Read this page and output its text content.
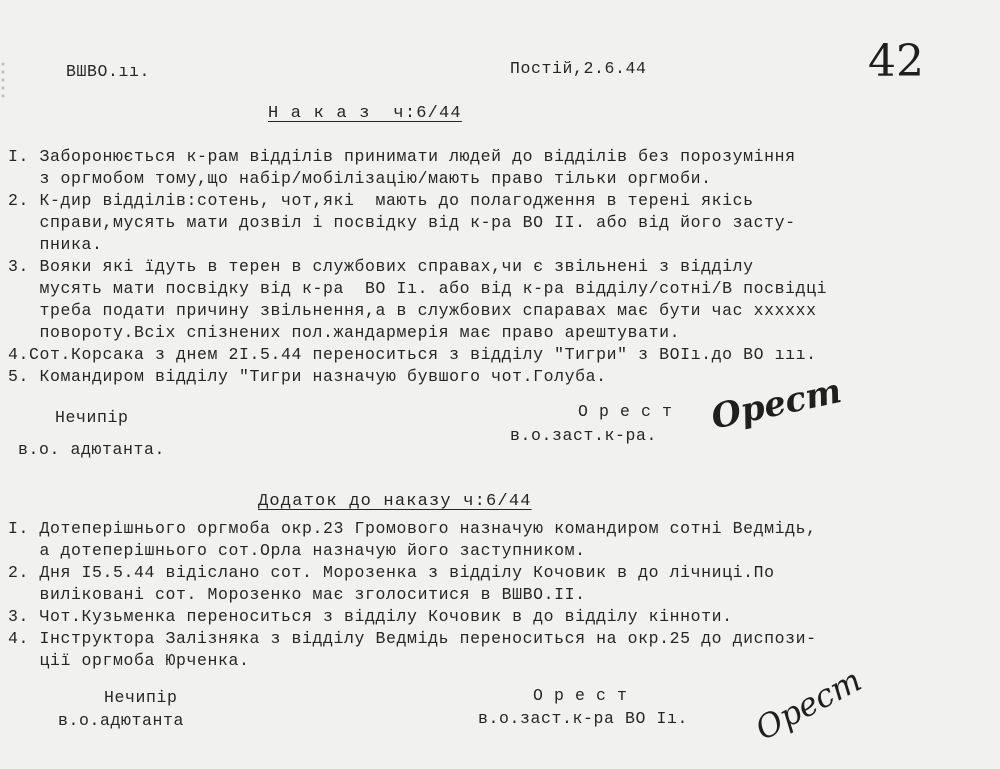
ВШВО.ıı.	Постій,2.6.44	42
Н а к а з  ч:6/44
I. Заборонюється к-рам відділів принимати людей до відділів без порозуміння
з оргмобом тому,що набір/мобілізацію/мають право тільки оргмоби.
2. К-дир відділів:сотень, чот,які  мають до полагодження в терені якісь
справи,мусять мати дозвіл і посвідку від к-ра ВО ІІ. або від його засту-
пника.
3. Вояки які їдуть в терен в службових справах,чи є звільнені з відділу
мусять мати посвідку від к-ра  ВО Іı. або від к-ра відділу/сотні/В посвідці
треба подати причину звільнення,а в службових спаравах має бути час хххххх
повороту.Всіх спізнених пол.жандармерія має право арештувати.
4.Сот.Корсака з днем 2І.5.44 переноситься з відділу "Тигри" з ВОІı.до ВО ııı.
5. Командиром відділу "Тигри назначую бувшого чот.Голуба.
Нечипір
в.о. адютанта.
О р е с т
в.о.заст.к-ра. Орест
Додаток до наказу ч:6/44
I. Дотеперішнього оргмоба окр.23 Громового назначую командиром сотні Ведмідь,
а дотеперішнього сот.Орла назначую його заступником.
2. Дня І5.5.44 відіслано сот. Морозенка з відділу Кочовик в до лічниці.По
виліковані сот. Морозенко має зголоситися в ВШВО.ІІ.
3. Чот.Кузьменка переноситься з відділу Кочовик в до відділу кінноти.
4. Інструктора Залізняка з відділу Ведмідь переноситься на окр.25 до диспози-
ції оргмоба Юрченка.
Нечипір
в.о.адютанта
О р е с т
в.о.заст.к-ра ВО Іı. Орест
